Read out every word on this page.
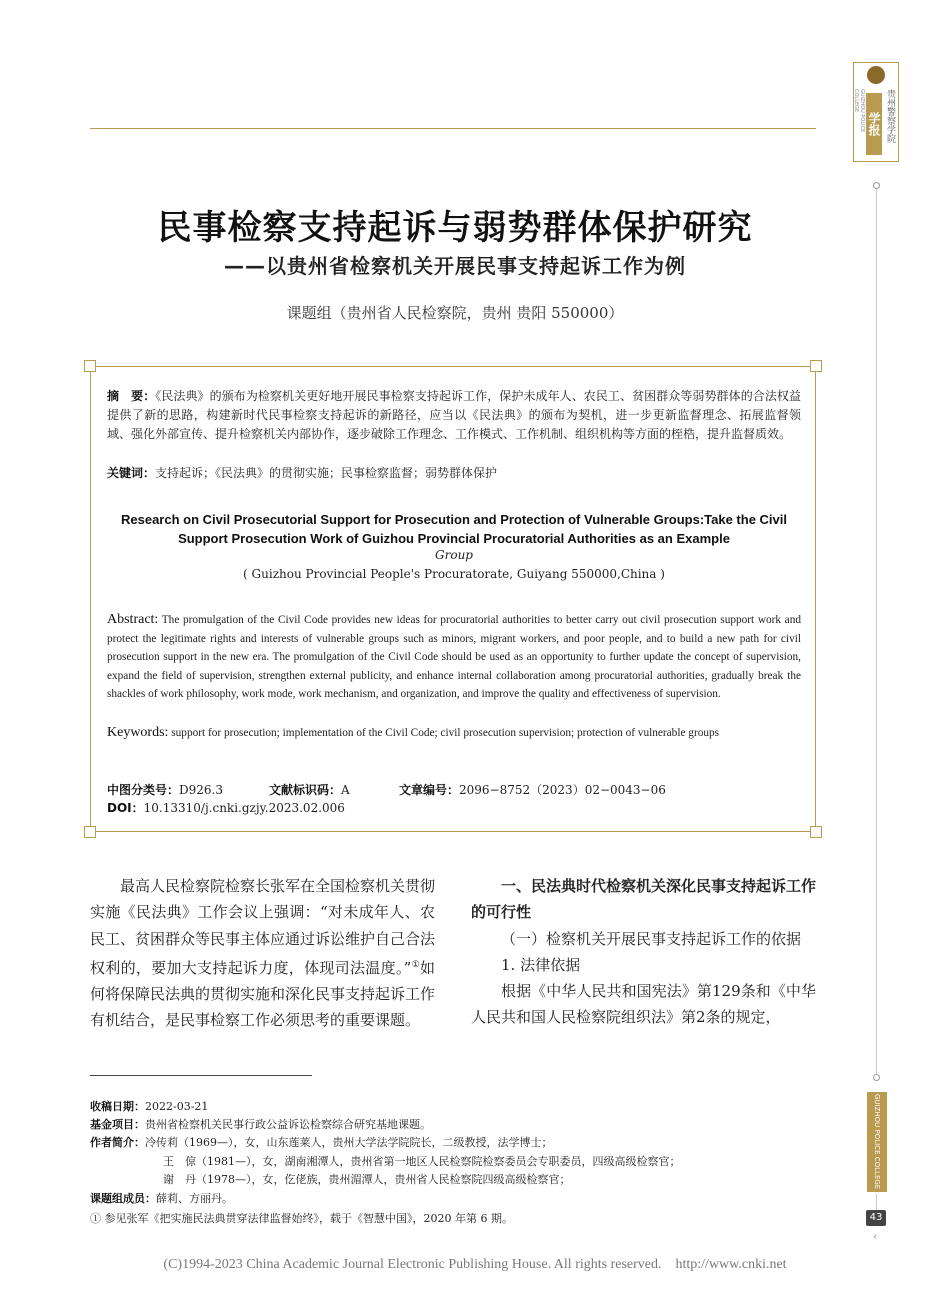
GUIZHOU POLICE COLLEGE
学报 贵州警察学院
GUIZHOU POLICE COLLEGE
43
‹
民事检察支持起诉与弱势群体保护研究
——以贵州省检察机关开展民事支持起诉工作为例
课题组（贵州省人民检察院，贵州 贵阳 550000）
摘　要：《民法典》的颁布为检察机关更好地开展民事检察支持起诉工作，保护未成年人、农民工、贫困群众等弱势群体的合法权益提供了新的思路，构建新时代民事检察支持起诉的新路径，应当以《民法典》的颁布为契机，进一步更新监督理念、拓展监督领域、强化外部宣传、提升检察机关内部协作，逐步破除工作理念、工作模式、工作机制、组织机构等方面的桎梏，提升监督质效。
关键词：支持起诉；《民法典》的贯彻实施；民事检察监督；弱势群体保护
Research on Civil Prosecutorial Support for Prosecution and Protection of Vulnerable Groups:Take the Civil Support Prosecution Work of Guizhou Provincial Procuratorial Authorities as an Example
Group
( Guizhou Provincial People's Procuratorate, Guiyang 550000,China )
Abstract: The promulgation of the Civil Code provides new ideas for procuratorial authorities to better carry out civil prosecution support work and protect the legitimate rights and interests of vulnerable groups such as minors, migrant workers, and poor people, and to build a new path for civil prosecution support in the new era. The promulgation of the Civil Code should be used as an opportunity to further update the concept of supervision, expand the field of supervision, strengthen external publicity, and enhance internal collaboration among procuratorial authorities, gradually break the shackles of work philosophy, work mode, work mechanism, and organization, and improve the quality and effectiveness of supervision.
Keywords: support for prosecution; implementation of the Civil Code; civil prosecution supervision; protection of vulnerable groups
中图分类号：D926.3	文献标识码：A	文章编号：2096−8752（2023）02−0043−06
DOI：10.13310/j.cnki.gzjy.2023.02.006
最高人民检察院检察长张军在全国检察机关贯彻实施《民法典》工作会议上强调：“对未成年人、农民工、贫困群众等民事主体应通过诉讼维护自己合法权利的，要加大支持起诉力度，体现司法温度。”①如何将保障民法典的贯彻实施和深化民事支持起诉工作有机结合，是民事检察工作必须思考的重要课题。
一、民法典时代检察机关深化民事支持起诉工作的可行性
（一）检察机关开展民事支持起诉工作的依据
1. 法律依据
根据《中华人民共和国宪法》第129条和《中华人民共和国人民检察院组织法》第2条的规定，
收稿日期：2022-03-21
基金项目：贵州省检察机关民事行政公益诉讼检察综合研究基地课题。
作者简介：冷传莉（1969—），女，山东莲莱人，贵州大学法学院院长，二级教授，法学博士；
王　倞（1981—），女，湖南湘潭人，贵州省第一地区人民检察院检察委员会专职委员，四级高级检察官；
谢　丹（1978—），女，仡佬族，贵州湄潭人，贵州省人民检察院四级高级检察官；
课题组成员：薛莉、方丽丹。
① 参见张军《把实施民法典贯穿法律监督始终》，载于《智慧中国》，2020 年第 6 期。
(C)1994-2023 China Academic Journal Electronic Publishing House. All rights reserved.　http://www.cnki.net
